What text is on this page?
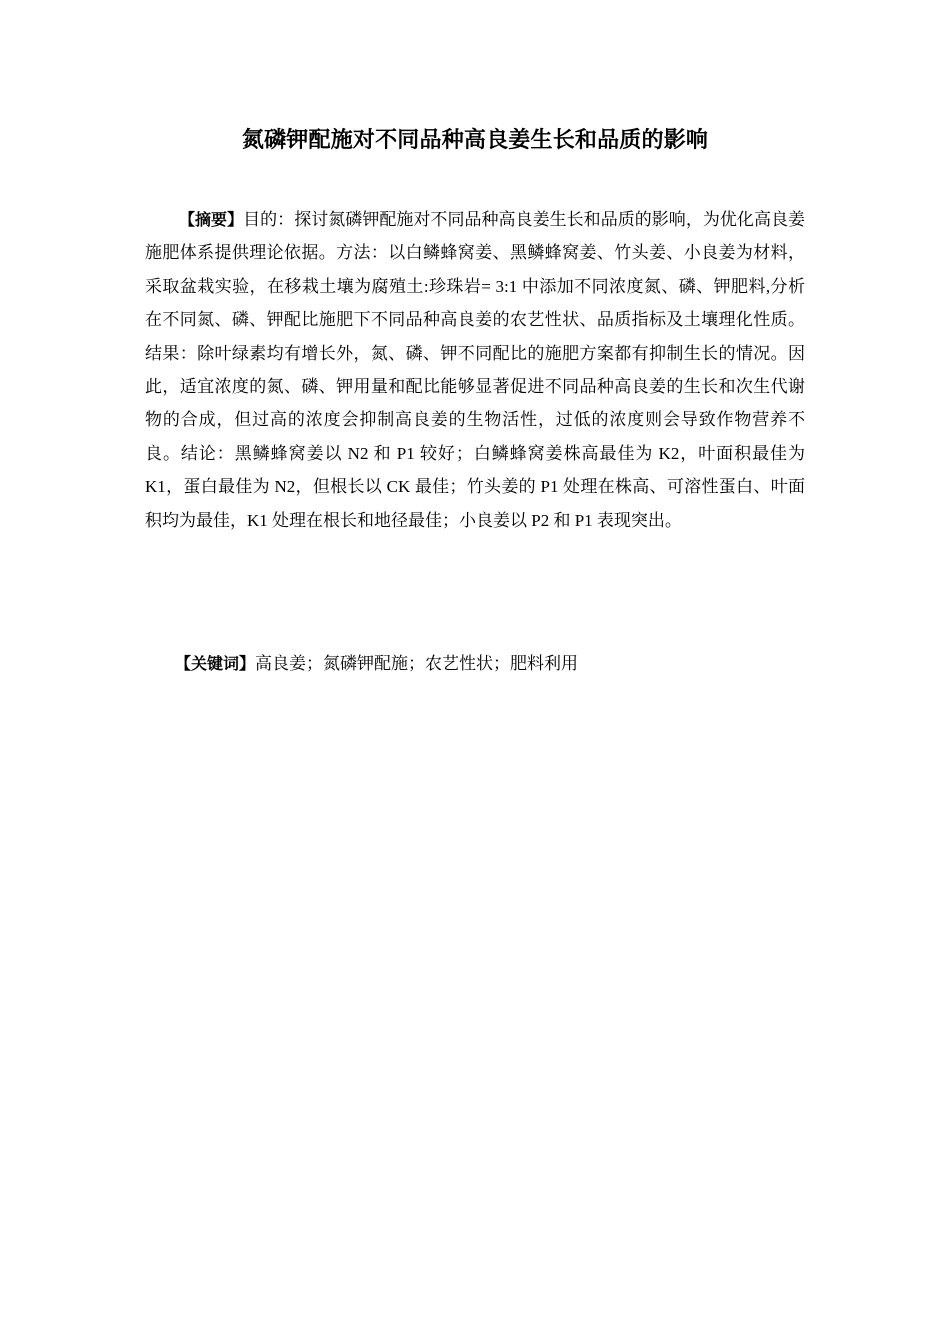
氮磷钾配施对不同品种高良姜生长和品质的影响

【摘要】目的：探讨氮磷钾配施对不同品种高良姜生长和品质的影响，为优化高良姜施肥体系提供理论依据。方法：以白鳞蜂窝姜、黑鳞蜂窝姜、竹头姜、小良姜为材料，采取盆栽实验，在移栽土壤为腐殖土:珍珠岩= 3:1 中添加不同浓度氮、磷、钾肥料,分析在不同氮、磷、钾配比施肥下不同品种高良姜的农艺性状、品质指标及土壤理化性质。结果：除叶绿素均有增长外，氮、磷、钾不同配比的施肥方案都有抑制生长的情况。因此，适宜浓度的氮、磷、钾用量和配比能够显著促进不同品种高良姜的生长和次生代谢物的合成，但过高的浓度会抑制高良姜的生物活性，过低的浓度则会导致作物营养不良。结论：黑鳞蜂窝姜以 N2 和 P1 较好；白鳞蜂窝姜株高最佳为 K2，叶面积最佳为 K1，蛋白最佳为 N2，但根长以 CK 最佳；竹头姜的 P1 处理在株高、可溶性蛋白、叶面积均为最佳，K1 处理在根长和地径最佳；小良姜以 P2 和 P1 表现突出。

【关键词】高良姜；氮磷钾配施；农艺性状；肥料利用
